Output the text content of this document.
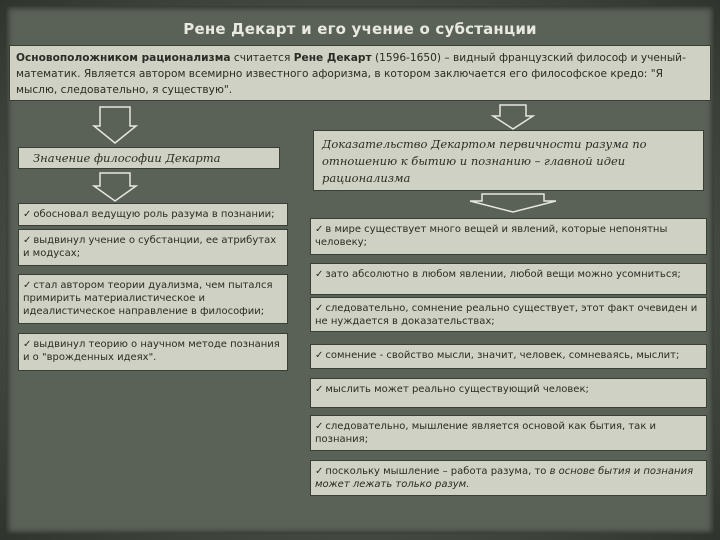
Рене Декарт и его учение о субстанции
Основоположником рационализма считается Рене Декарт (1596-1650) – видный французский философ и ученый-математик. Является автором всемирно известного афоризма, в котором заключается его философское кредо: "Я мыслю, следовательно, я существую".
Значение философии Декарта
Доказательство Декартом первичности разума по отношению к бытию и познанию – главной идеи рационализма
✓ обосновал ведущую роль разума в познании;
✓ выдвинул учение о субстанции, ее атрибутах и модусах;
✓ стал автором теории дуализма, чем пытался примирить материалистическое и идеалистическое направление в философии;
✓ выдвинул теорию о научном методе познания и о "врожденных идеях".
✓ в мире существует много вещей и явлений, которые непонятны человеку;
✓ зато абсолютно в любом явлении, любой вещи можно усомниться;
✓ следовательно, сомнение реально существует, этот факт очевиден и не нуждается в доказательствах;
✓ сомнение - свойство мысли, значит, человек, сомневаясь, мыслит;
✓ мыслить может реально существующий человек;
✓ следовательно, мышление является основой как бытия, так и познания;
✓ поскольку мышление – работа разума, то в основе бытия и познания может лежать только разум.
